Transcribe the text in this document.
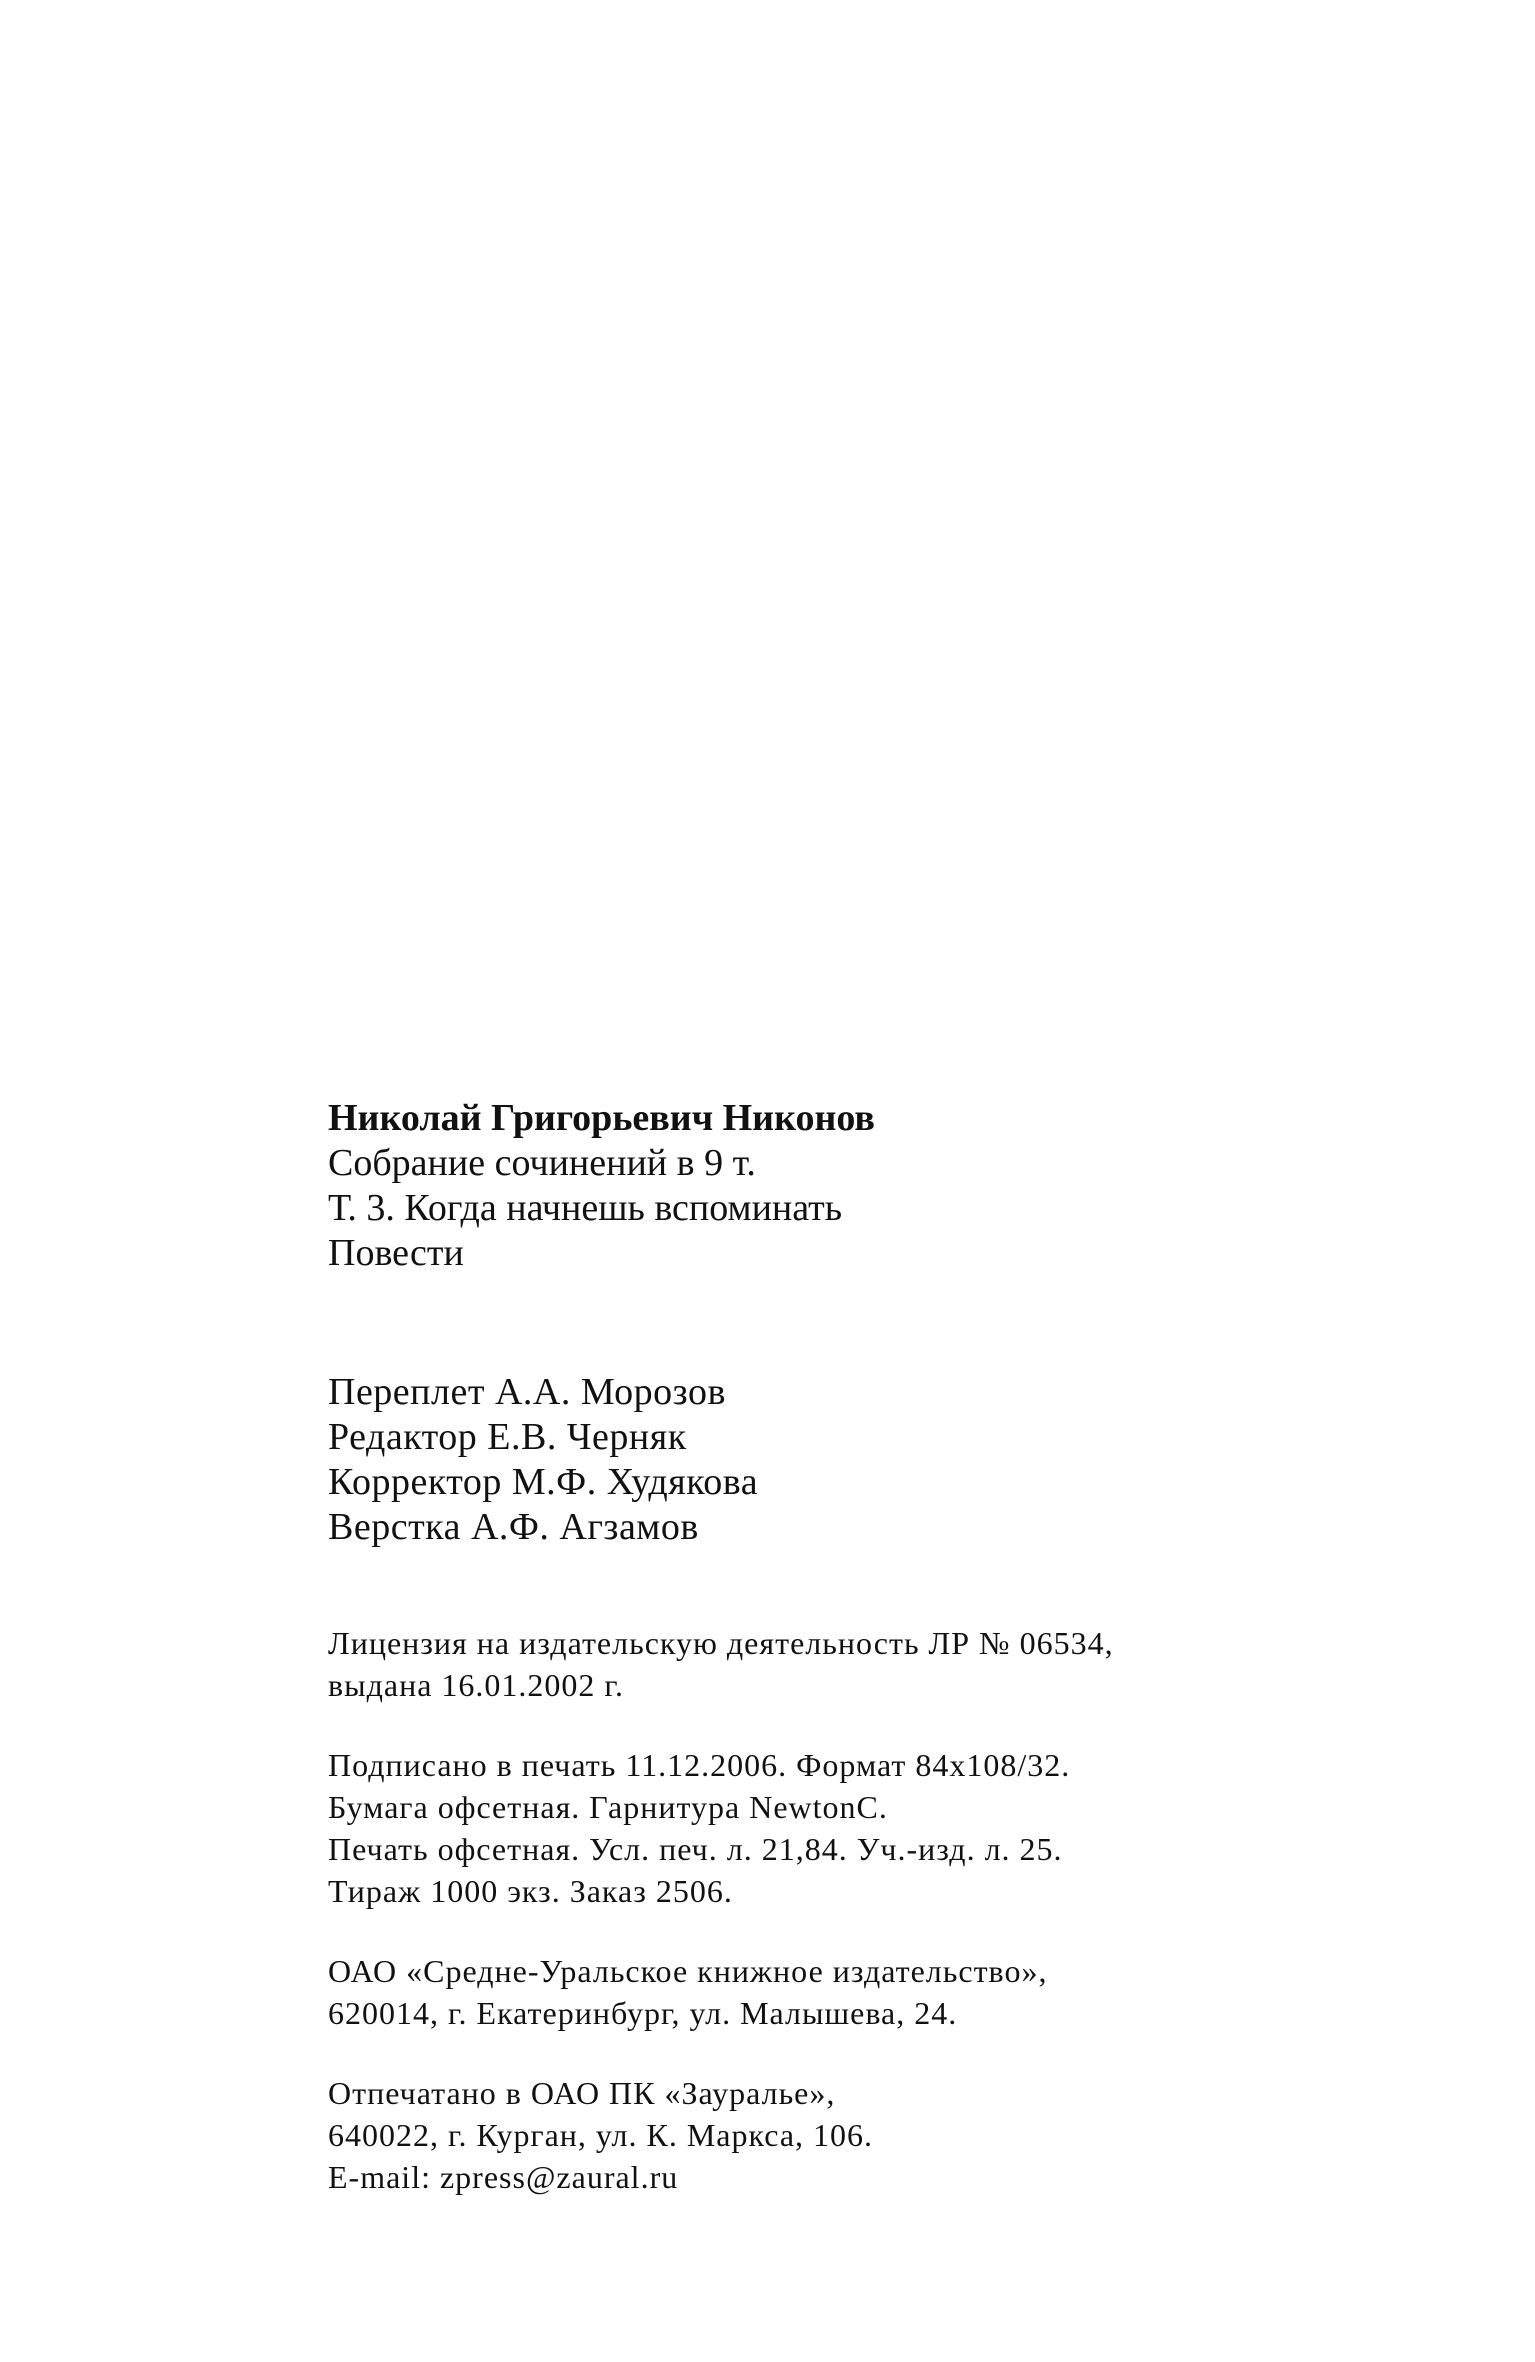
Николай Григорьевич Никонов
Собрание сочинений в 9 т.
Т. 3. Когда начнешь вспоминать
Повести
Переплет А.А. Морозов
Редактор Е.В. Черняк
Корректор М.Ф. Худякова
Верстка А.Ф. Агзамов
Лицензия на издательскую деятельность ЛР № 06534,
выдана 16.01.2002 г.
Подписано в печать 11.12.2006. Формат 84x108/32.
Бумага офсетная. Гарнитура NewtonC.
Печать офсетная. Усл. печ. л. 21,84. Уч.-изд. л. 25.
Тираж 1000 экз. Заказ 2506.
ОАО «Средне-Уральское книжное издательство»,
620014, г. Екатеринбург, ул. Малышева, 24.
Отпечатано в ОАО ПК «Зауралье»,
640022, г. Курган, ул. К. Маркса, 106.
E-mail: zpress@zaural.ru
